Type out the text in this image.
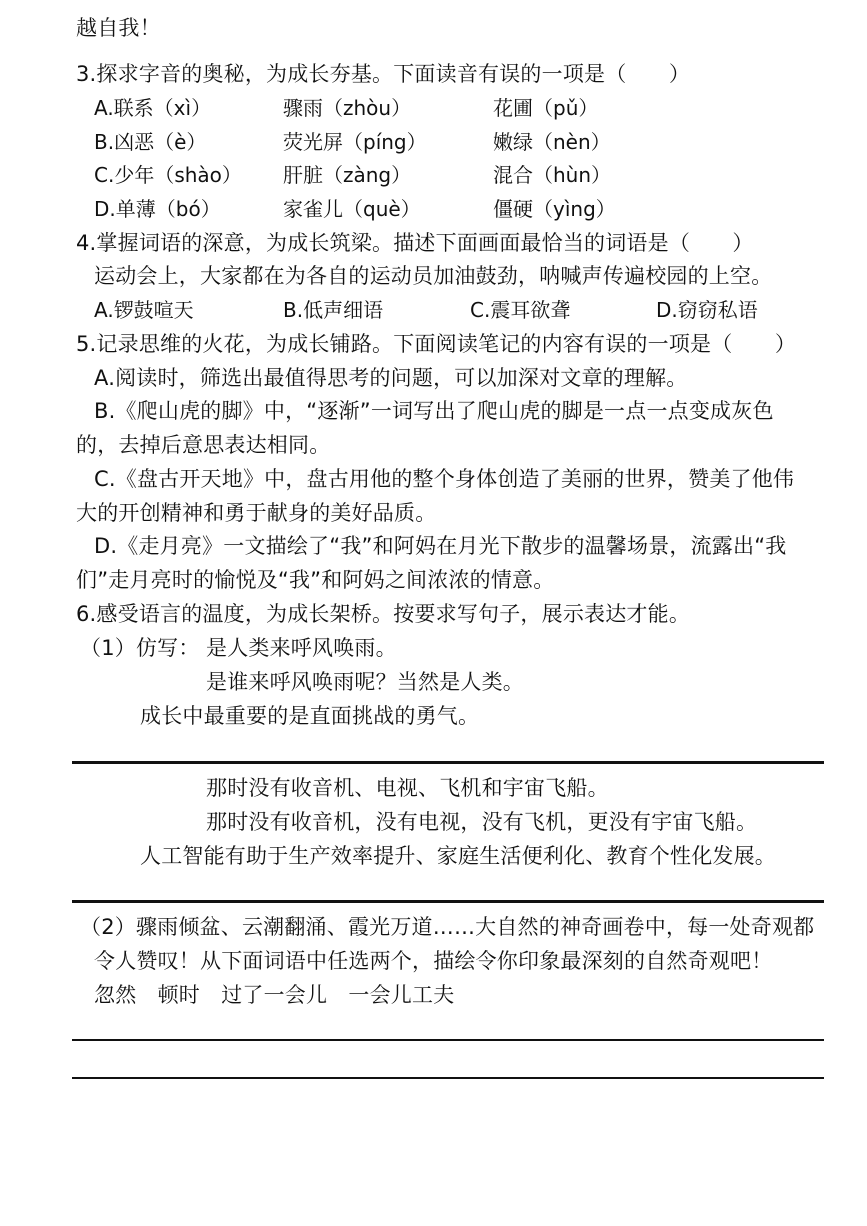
越自我！
3.探求字音的奥秘，为成长夯基。下面读音有误的一项是（　　）
A.联系（xì）	骤雨（zhòu）	花圃（pǔ）
B.凶恶（è）	荧光屏（píng）	嫩绿（nèn）
C.少年（shào） 肝脏（zàng）	混合（hùn）
D.单薄（bó）	家雀儿（què）	僵硬（yìng）
4.掌握词语的深意，为成长筑梁。描述下面画面最恰当的词语是（　　）
运动会上，大家都在为各自的运动员加油鼓劲，呐喊声传遍校园的上空。
A.锣鼓喧天	B.低声细语	C.震耳欲聋	D.窃窃私语
5.记录思维的火花，为成长铺路。下面阅读笔记的内容有误的一项是（　　）
A.阅读时，筛选出最值得思考的问题，可以加深对文章的理解。
B.《爬山虎的脚》中，“逐渐”一词写出了爬山虎的脚是一点一点变成灰色
的，去掉后意思表达相同。
C.《盘古开天地》中，盘古用他的整个身体创造了美丽的世界，赞美了他伟
大的开创精神和勇于献身的美好品质。
D.《走月亮》一文描绘了“我”和阿妈在月光下散步的温馨场景，流露出“我
们”走月亮时的愉悦及“我”和阿妈之间浓浓的情意。
6.感受语言的温度，为成长架桥。按要求写句子，展示表达才能。
（1）仿写： 是人类来呼风唤雨。
是谁来呼风唤雨呢？当然是人类。
成长中最重要的是直面挑战的勇气。
那时没有收音机、电视、飞机和宇宙飞船。
那时没有收音机，没有电视，没有飞机，更没有宇宙飞船。
人工智能有助于生产效率提升、家庭生活便利化、教育个性化发展。
（2）骤雨倾盆、云潮翻涌、霞光万道……大自然的神奇画卷中，每一处奇观都
令人赞叹！从下面词语中任选两个，描绘令你印象最深刻的自然奇观吧！
忽然　顿时　过了一会儿　一会儿工夫
